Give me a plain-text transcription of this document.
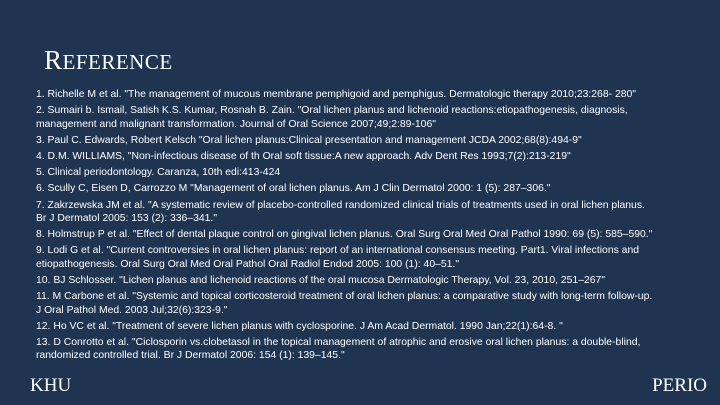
REFERENCE
1. Richelle M et al. "The management of mucous membrane pemphigoid and pemphigus. Dermatologic therapy 2010;23:268- 280"
2. Sumairi b. Ismail, Satish K.S. Kumar, Rosnah B. Zain. "Oral lichen planus and lichenoid reactions:etiopathogenesis, diagnosis,
management and malignant transformation. Journal of Oral Science 2007;49;2:89-106"
3. Paul C. Edwards, Robert Kelsch "Oral lichen planus:Clinical presentation and management JCDA 2002;68(8):494-9"
4. D.M. WILLIAMS, "Non-infectious disease of th Oral soft tissue:A new approach. Adv Dent Res 1993;7(2):213-219"
5. Clinical periodontology. Caranza, 10th edi:413-424
6. Scully C, Eisen D, Carrozzo M "Management of oral lichen planus. Am J Clin Dermatol 2000: 1 (5): 287–306."
7. Zakrzewska JM et al. "A systematic review of placebo-controlled randomized clinical trials of treatments used in oral lichen planus.
Br J Dermatol 2005: 153 (2): 336–341."
8. Holmstrup P et al. "Effect of dental plaque control on gingival lichen planus. Oral Surg Oral Med Oral Pathol 1990: 69 (5): 585–590."
9. Lodi G et al. "Current controversies in oral lichen planus: report of an international consensus meeting. Part1. Viral infections and
etiopathogenesis. Oral Surg Oral Med Oral Pathol Oral Radiol Endod 2005: 100 (1): 40–51."
10. BJ Schlosser. "Lichen planus and lichenoid reactions of the oral mucosa Dermatologic Therapy, Vol. 23, 2010, 251–267"
11. M Carbone et al. "Systemic and topical corticosteroid treatment of oral lichen planus: a comparative study with long-term follow-up.
J Oral Pathol Med. 2003 Jul;32(6):323-9."
12. Ho VC et al. "Treatment of severe lichen planus with cyclosporine. J Am Acad Dermatol. 1990 Jan;22(1):64-8. "
13. D Conrotto et al. "Ciclosporin vs.clobetasol in the topical management of atrophic and erosive oral lichen planus: a double-blind,
randomized controlled trial. Br J Dermatol 2006: 154 (1): 139–145."
KHU	PERIO
